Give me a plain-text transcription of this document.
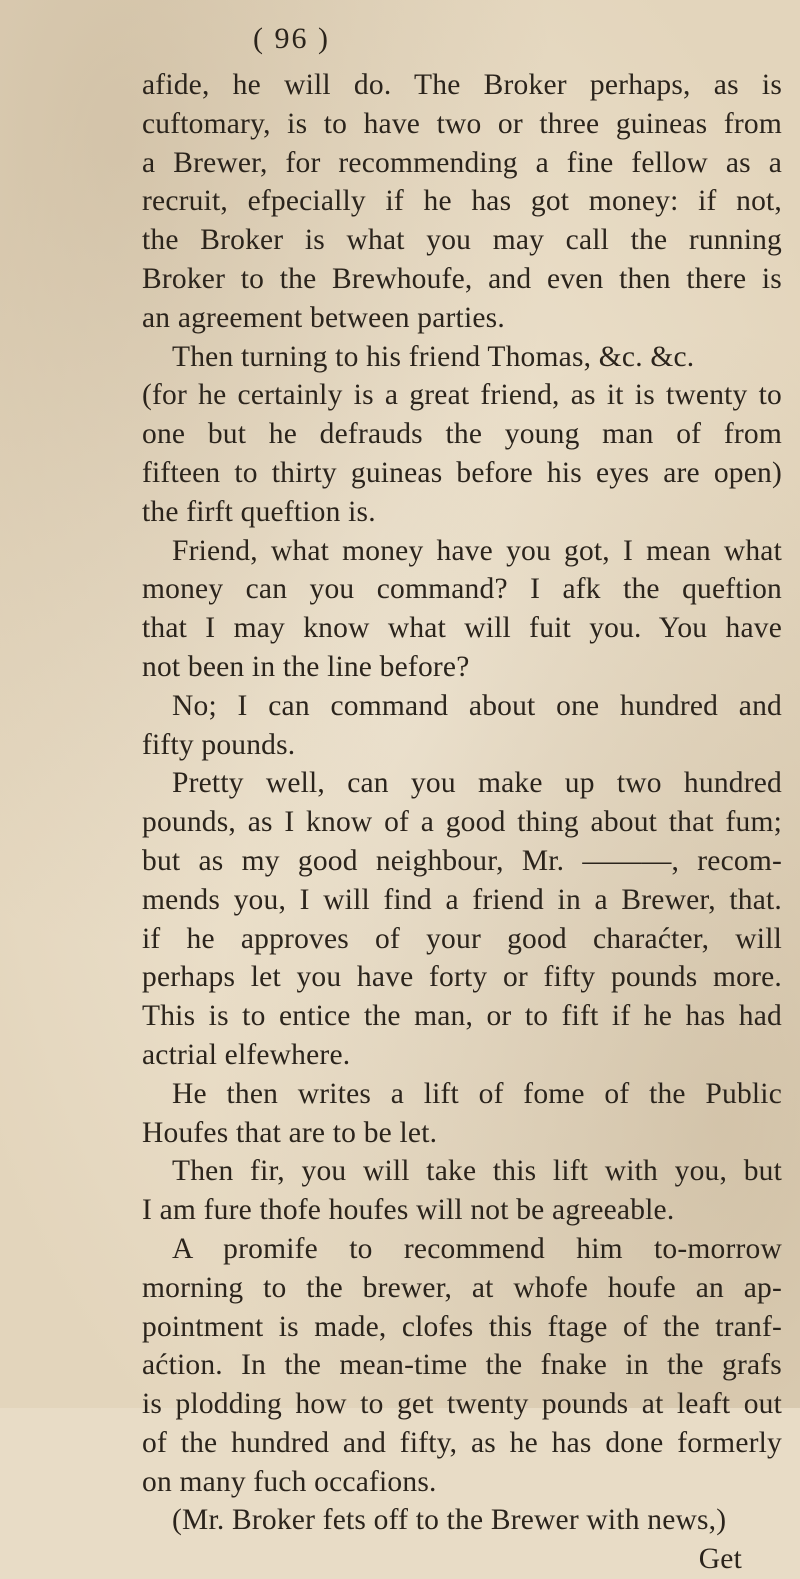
( 96 )
afide, he will do. The Broker perhaps, as is
cuftomary, is to have two or three guineas from
a Brewer, for recommending a fine fellow as a
recruit, efpecially if he has got money: if not,
the Broker is what you may call the running
Broker to the Brewhoufe, and even then there is
an agreement between parties.
Then turning to his friend Thomas, &c. &c.
(for he certainly is a great friend, as it is twenty to
one but he defrauds the young man of from
fifteen to thirty guineas before his eyes are open)
the firft queftion is.
Friend, what money have you got, I mean what
money can you command? I afk the queftion
that I may know what will fuit you. You have
not been in the line before?
No; I can command about one hundred and
fifty pounds.
Pretty well, can you make up two hundred
pounds, as I know of a good thing about that fum;
but as my good neighbour, Mr. ———, recom-
mends you, I will find a friend in a Brewer, that.
if he approves of your good charaćter, will
perhaps let you have forty or fifty pounds more.
This is to entice the man, or to fift if he has had
actrial elfewhere.
He then writes a lift of fome of the Public
Houfes that are to be let.
Then fir, you will take this lift with you, but
I am fure thofe houfes will not be agreeable.
A promife to recommend him to-morrow
morning to the brewer, at whofe houfe an ap-
pointment is made, clofes this ftage of the tranf-
aćtion. In the mean-time the fnake in the grafs
is plodding how to get twenty pounds at leaft out
of the hundred and fifty, as he has done formerly
on many fuch occafions.
(Mr. Broker fets off to the Brewer with news,)
Get
